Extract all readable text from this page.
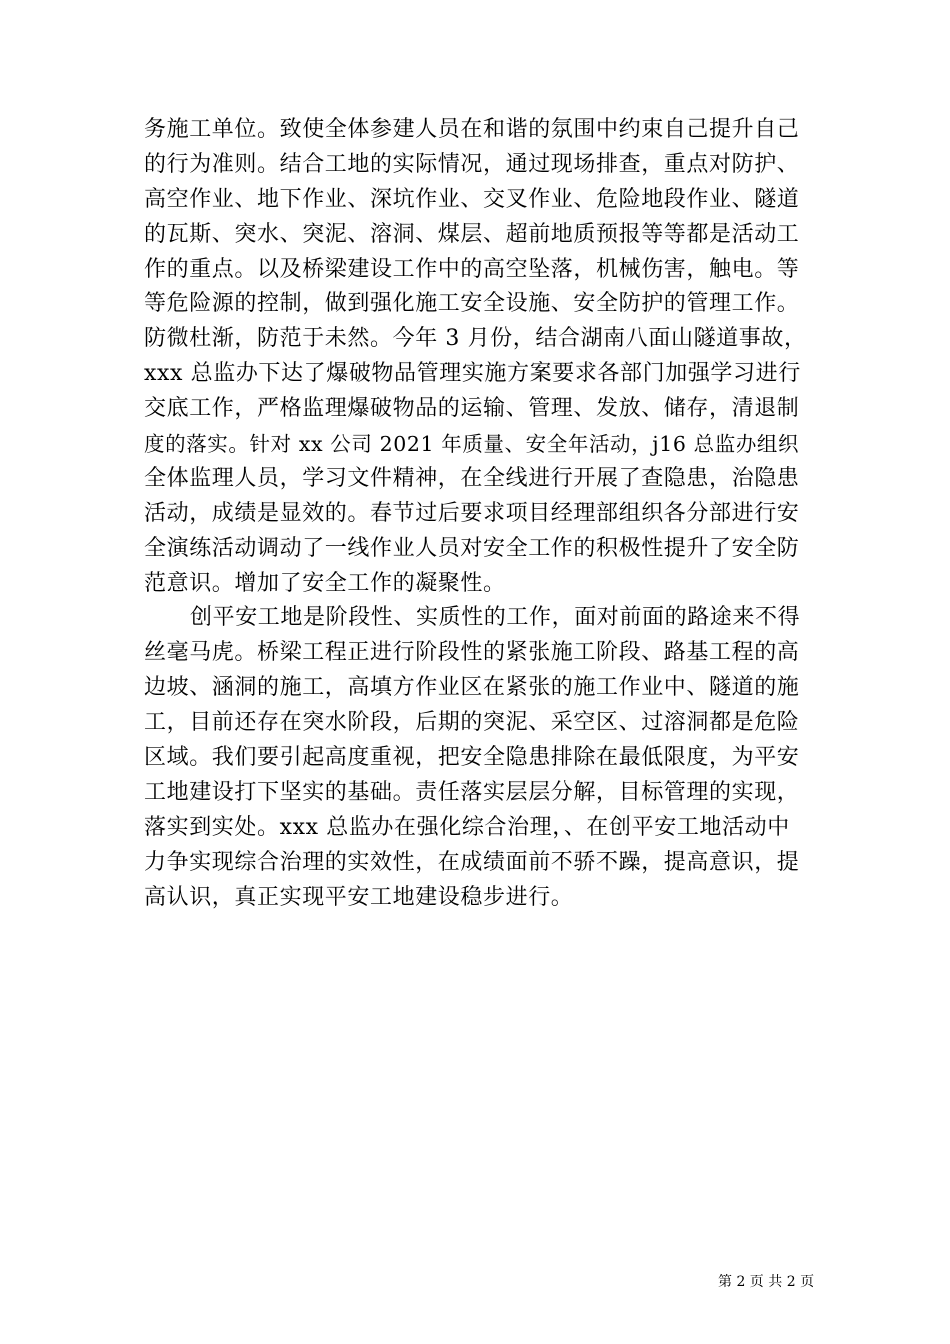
务施工单位。致使全体参建人员在和谐的氛围中约束自己提升自己
的行为准则。结合工地的实际情况，通过现场排查，重点对防护、
高空作业、地下作业、深坑作业、交叉作业、危险地段作业、隧道
的瓦斯、突水、突泥、溶洞、煤层、超前地质预报等等都是活动工
作的重点。以及桥梁建设工作中的高空坠落，机械伤害，触电。等
等危险源的控制，做到强化施工安全设施、安全防护的管理工作。
防微杜渐，防范于未然。今年 3 月份，结合湖南八面山隧道事故，
xxx 总监办下达了爆破物品管理实施方案要求各部门加强学习进行
交底工作，严格监理爆破物品的运输、管理、发放、储存，清退制
度的落实。针对 xx 公司 2021 年质量、安全年活动，j16 总监办组织
全体监理人员，学习文件精神，在全线进行开展了查隐患，治隐患
活动，成绩是显效的。春节过后要求项目经理部组织各分部进行安
全演练活动调动了一线作业人员对安全工作的积极性提升了安全防
范意识。增加了安全工作的凝聚性。
创平安工地是阶段性、实质性的工作，面对前面的路途来不得
丝毫马虎。桥梁工程正进行阶段性的紧张施工阶段、路基工程的高
边坡、涵洞的施工，高填方作业区在紧张的施工作业中、隧道的施
工，目前还存在突水阶段，后期的突泥、采空区、过溶洞都是危险
区域。我们要引起高度重视，把安全隐患排除在最低限度，为平安
工地建设打下坚实的基础。责任落实层层分解，目标管理的实现，
落实到实处。xxx 总监办在强化综合治理，、在创平安工地活动中
力争实现综合治理的实效性，在成绩面前不骄不躁，提高意识，提
高认识，真正实现平安工地建设稳步进行。
第 2 页 共 2 页
